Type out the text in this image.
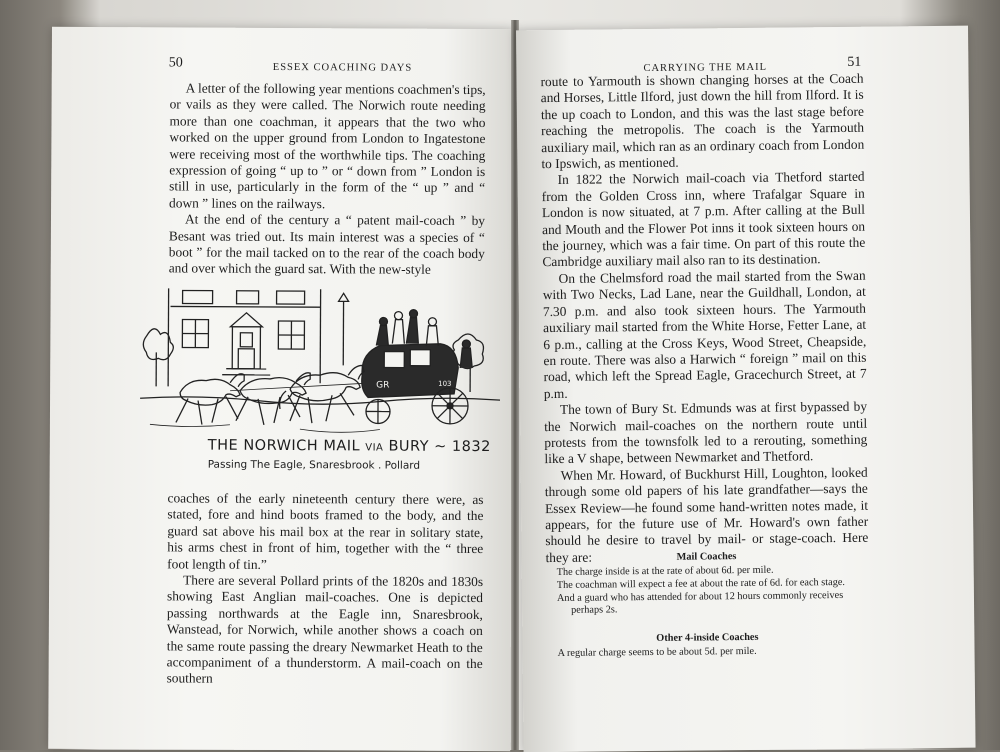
50	ESSEX COACHING DAYS

A letter of the following year mentions coachmen's tips, or vails as they were called. The Norwich route needing more than one coachman, it appears that the two who worked on the upper ground from London to Ingatestone were receiving most of the worthwhile tips. The coaching expression of going “ up to ” or “ down from ” London is still in use, particularly in the form of the “ up ” and “ down ” lines on the railways.

At the end of the century a “ patent mail-coach ” by Besant was tried out. Its main interest was a species of “ boot ” for the mail tacked on to the rear of the coach body and over which the guard sat. With the new-style

GR	103
THE NORWICH MAIL VIA BURY ~ 1832
Passing The Eagle, Snaresbrook . Pollard

coaches of the early nineteenth century there were, as stated, fore and hind boots framed to the body, and the guard sat above his mail box at the rear in solitary state, his arms chest in front of him, together with the “ three foot length of tin.”

There are several Pollard prints of the 1820s and 1830s showing East Anglian mail-coaches. One is depicted passing northwards at the Eagle inn, Snaresbrook, Wanstead, for Norwich, while another shows a coach on the same route passing the dreary Newmarket Heath to the accompaniment of a thunderstorm. A mail-coach on the southern

CARRYING THE MAIL	51

route to Yarmouth is shown changing horses at the Coach and Horses, Little Ilford, just down the hill from Ilford. It is the up coach to London, and this was the last stage before reaching the metropolis. The coach is the Yarmouth auxiliary mail, which ran as an ordinary coach from London to Ipswich, as mentioned.

In 1822 the Norwich mail-coach via Thetford started from the Golden Cross inn, where Trafalgar Square in London is now situated, at 7 p.m. After calling at the Bull and Mouth and the Flower Pot inns it took sixteen hours on the journey, which was a fair time. On part of this route the Cambridge auxiliary mail also ran to its destination.

On the Chelmsford road the mail started from the Swan with Two Necks, Lad Lane, near the Guildhall, London, at 7.30 p.m. and also took sixteen hours. The Yarmouth auxiliary mail started from the White Horse, Fetter Lane, at 6 p.m., calling at the Cross Keys, Wood Street, Cheapside, en route. There was also a Harwich “ foreign ” mail on this road, which left the Spread Eagle, Gracechurch Street, at 7 p.m.

The town of Bury St. Edmunds was at first bypassed by the Norwich mail-coaches on the northern route until protests from the townsfolk led to a rerouting, something like a V shape, between Newmarket and Thetford.

When Mr. Howard, of Buckhurst Hill, Loughton, looked through some old papers of his late grandfather—says the Essex Review—he found some hand-written notes made, it appears, for the future use of Mr. Howard's own father should he desire to travel by mail- or stage-coach. Here they are:	Mail Coaches
The charge inside is at the rate of about 6d. per mile.
The coachman will expect a fee at about the rate of 6d. for each stage.
And a guard who has attended for about 12 hours commonly receives perhaps 2s.
Other 4-inside Coaches
A regular charge seems to be about 5d. per mile.
